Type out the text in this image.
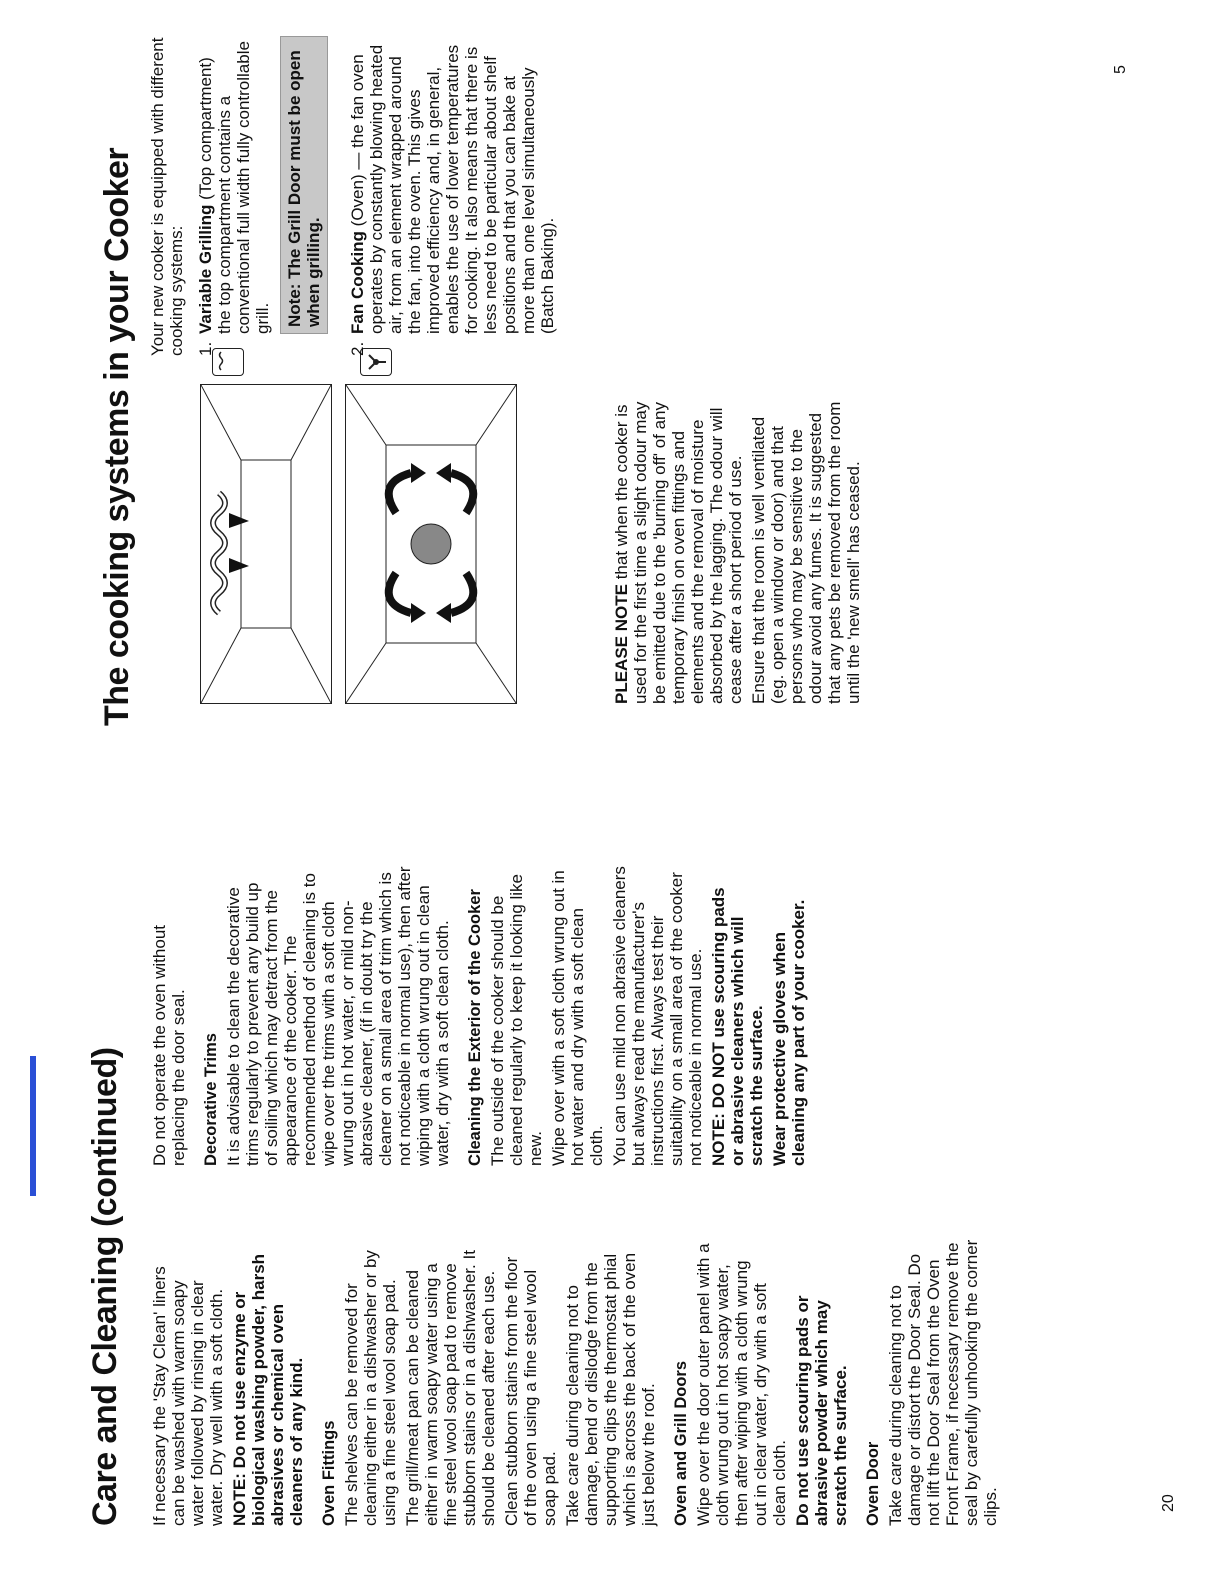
Care and Cleaning (continued) If necessary the 'Stay Clean' liners can be washed with warm soapy water followed by rinsing in clear water. Dry well with a soft cloth. NOTE: Do not use enzyme or biological washing powder, harsh abrasives or chemical oven cleaners of any kind. Oven Fittings The shelves can be removed for cleaning either in a dishwasher or by using a fine steel wool soap pad. The grill/meat pan can be cleaned either in warm soapy water using a fine steel wool soap pad to remove stubborn stains or in a dishwasher. It should be cleaned after each use. Clean stubborn stains from the floor of the oven using a fine steel wool soap pad. Take care during cleaning not to damage, bend or dislodge from the supporting clips the thermostat phial which is across the back of the oven just below the roof. Oven and Grill Doors Wipe over the door outer panel with a cloth wrung out in hot soapy water, then after wiping with a cloth wrung out in clear water, dry with a soft clean cloth. Do not use scouring pads or abrasive powder which may scratch the surface. Oven Door Take care during cleaning not to damage or distort the Door Seal. Do not lift the Door Seal from the Oven Front Frame, if necessary remove the seal by carefully unhooking the corner clips.

Do not operate the oven without replacing the door seal. Decorative Trims It is advisable to clean the decorative trims regularly to prevent any build up of soiling which may detract from the appearance of the cooker. The recommended method of cleaning is to wipe over the trims with a soft cloth wrung out in hot water, or mild non-abrasive cleaner, (if in doubt try the cleaner on a small area of trim which is not noticeable in normal use), then after wiping with a cloth wrung out in clean water, dry with a soft clean cloth. Cleaning the Exterior of the Cooker The outside of the cooker should be cleaned regularly to keep it looking like new. Wipe over with a soft cloth wrung out in hot water and dry with a soft clean cloth. You can use mild non abrasive cleaners but always read the manufacturer's instructions first. Always test their suitability on a small area of the cooker not noticeable in normal use. NOTE: DO NOT use scouring pads or abrasive cleaners which will scratch the surface. Wear protective gloves when cleaning any part of your cooker.

20
The cooking systems in your Cooker	PLEASE NOTE that when the cooker is used for the first time a slight odour may be emitted due to the 'burning off' of any temporary finish on oven fittings and elements and the removal of moisture absorbed by the lagging. The odour will cease after a short period of use. Ensure that the room is well ventilated (eg. open a window or door) and that persons who may be sensitive to the odour avoid any fumes. It is suggested that any pets be removed from the room until the 'new smell' has ceased.

Your new cooker is equipped with different cooking systems: 1.
Variable Grilling (Top compartment) the top compartment contains a conventional full width fully controllable grill. Note: The Grill Door must be open when grilling.
2.
Fan Cooking (Oven) — the fan oven operates by constantly blowing heated air, from an element wrapped around the fan, into the oven. This gives improved efficiency and, in general, enables the use of lower temperatures for cooking. It also means that there is less need to be particular about shelf positions and that you can bake at more than one level simultaneously (Batch Baking).
5
